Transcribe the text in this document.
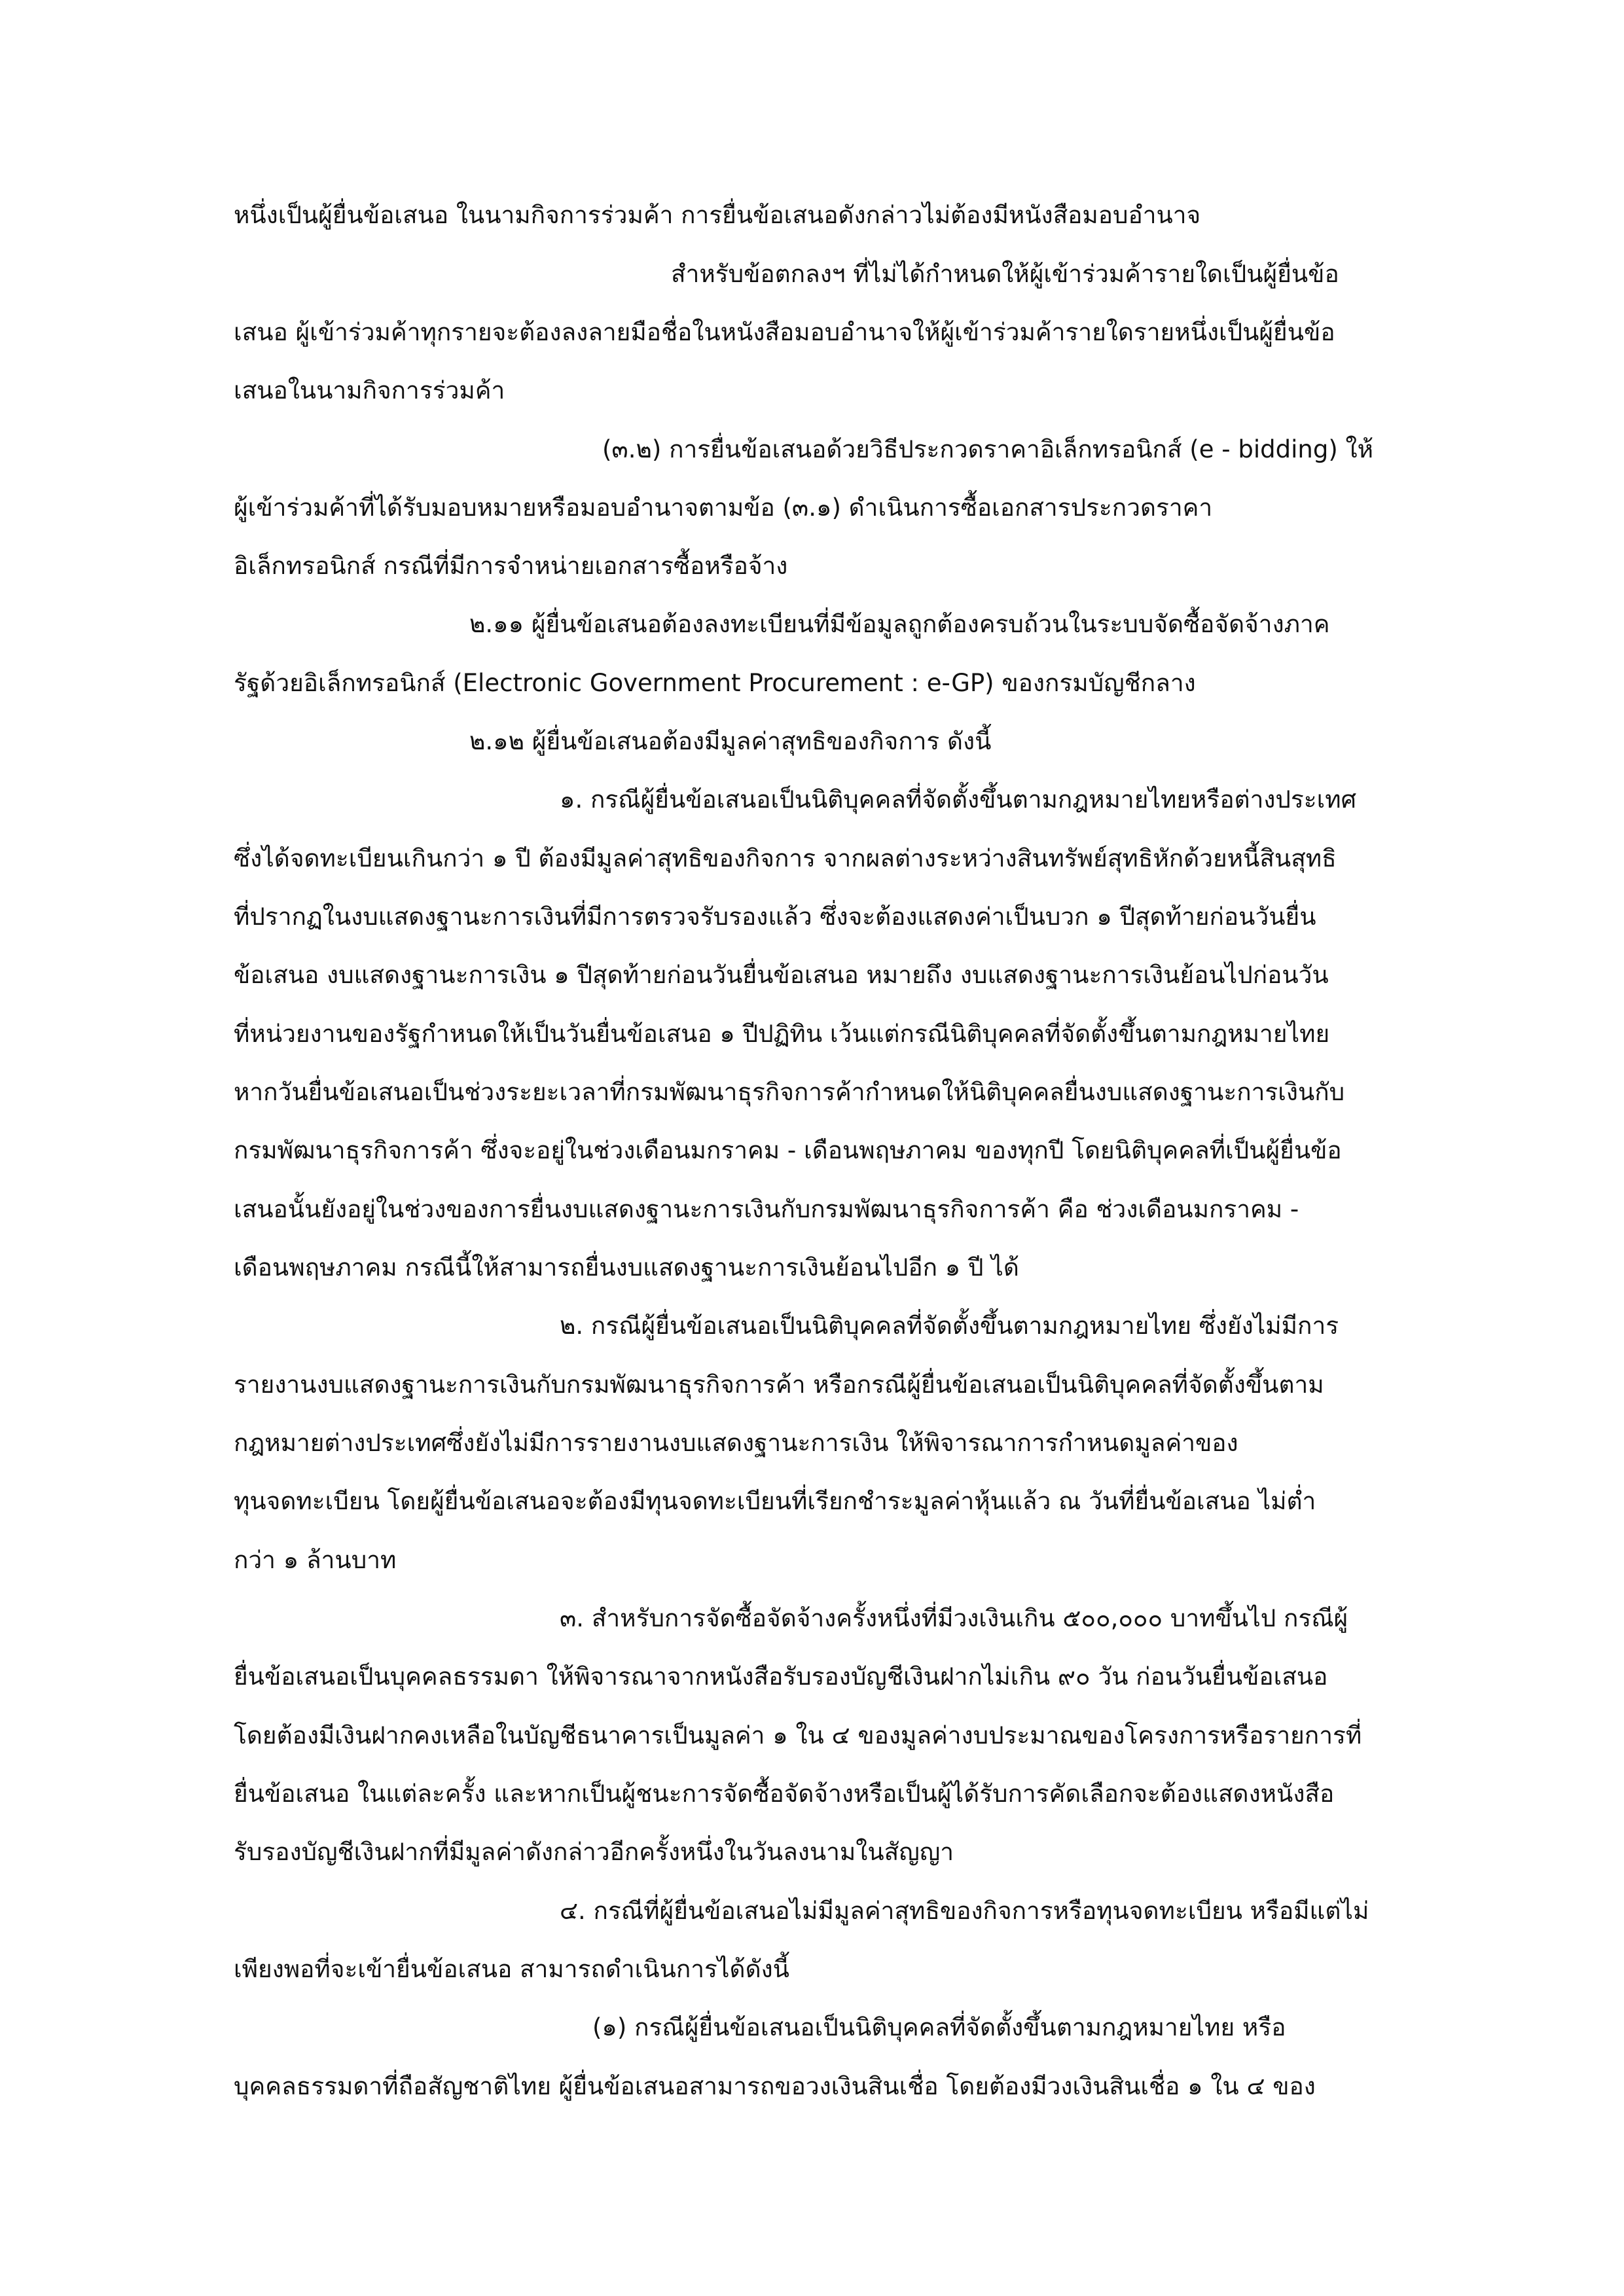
หนึ่งเป็นผู้ยื่นข้อเสนอ ในนามกิจการร่วมค้า การยื่นข้อเสนอดังกล่าวไม่ต้องมีหนังสือมอบอำนาจ
สำหรับข้อตกลงฯ ที่ไม่ได้กำหนดให้ผู้เข้าร่วมค้ารายใดเป็นผู้ยื่นข้อ
เสนอ ผู้เข้าร่วมค้าทุกรายจะต้องลงลายมือชื่อในหนังสือมอบอำนาจให้ผู้เข้าร่วมค้ารายใดรายหนึ่งเป็นผู้ยื่นข้อ
เสนอในนามกิจการร่วมค้า
(๓.๒) การยื่นข้อเสนอด้วยวิธีประกวดราคาอิเล็กทรอนิกส์ (e - bidding) ให้
ผู้เข้าร่วมค้าที่ได้รับมอบหมายหรือมอบอำนาจตามข้อ (๓.๑) ดำเนินการซื้อเอกสารประกวดราคา
อิเล็กทรอนิกส์ กรณีที่มีการจำหน่ายเอกสารซื้อหรือจ้าง
๒.๑๑ ผู้ยื่นข้อเสนอต้องลงทะเบียนที่มีข้อมูลถูกต้องครบถ้วนในระบบจัดซื้อจัดจ้างภาค
รัฐด้วยอิเล็กทรอนิกส์ (Electronic Government Procurement : e-GP) ของกรมบัญชีกลาง
๒.๑๒ ผู้ยื่นข้อเสนอต้องมีมูลค่าสุทธิของกิจการ ดังนี้
๑. กรณีผู้ยื่นข้อเสนอเป็นนิติบุคคลที่จัดตั้งขึ้นตามกฎหมายไทยหรือต่างประเทศ
ซึ่งได้จดทะเบียนเกินกว่า ๑ ปี ต้องมีมูลค่าสุทธิของกิจการ จากผลต่างระหว่างสินทรัพย์สุทธิหักด้วยหนี้สินสุทธิ
ที่ปรากฏในงบแสดงฐานะการเงินที่มีการตรวจรับรองแล้ว ซึ่งจะต้องแสดงค่าเป็นบวก ๑ ปีสุดท้ายก่อนวันยื่น
ข้อเสนอ งบแสดงฐานะการเงิน ๑ ปีสุดท้ายก่อนวันยื่นข้อเสนอ หมายถึง งบแสดงฐานะการเงินย้อนไปก่อนวัน
ที่หน่วยงานของรัฐกำหนดให้เป็นวันยื่นข้อเสนอ ๑ ปีปฏิทิน เว้นแต่กรณีนิติบุคคลที่จัดตั้งขึ้นตามกฎหมายไทย
หากวันยื่นข้อเสนอเป็นช่วงระยะเวลาที่กรมพัฒนาธุรกิจการค้ากำหนดให้นิติบุคคลยื่นงบแสดงฐานะการเงินกับ
กรมพัฒนาธุรกิจการค้า ซึ่งจะอยู่ในช่วงเดือนมกราคม - เดือนพฤษภาคม ของทุกปี โดยนิติบุคคลที่เป็นผู้ยื่นข้อ
เสนอนั้นยังอยู่ในช่วงของการยื่นงบแสดงฐานะการเงินกับกรมพัฒนาธุรกิจการค้า คือ ช่วงเดือนมกราคม -
เดือนพฤษภาคม กรณีนี้ให้สามารถยื่นงบแสดงฐานะการเงินย้อนไปอีก ๑ ปี ได้
๒. กรณีผู้ยื่นข้อเสนอเป็นนิติบุคคลที่จัดตั้งขึ้นตามกฎหมายไทย ซึ่งยังไม่มีการ
รายงานงบแสดงฐานะการเงินกับกรมพัฒนาธุรกิจการค้า หรือกรณีผู้ยื่นข้อเสนอเป็นนิติบุคคลที่จัดตั้งขึ้นตาม
กฎหมายต่างประเทศซึ่งยังไม่มีการรายงานงบแสดงฐานะการเงิน ให้พิจารณาการกำหนดมูลค่าของ
ทุนจดทะเบียน โดยผู้ยื่นข้อเสนอจะต้องมีทุนจดทะเบียนที่เรียกชำระมูลค่าหุ้นแล้ว ณ วันที่ยื่นข้อเสนอ ไม่ต่ำ
กว่า ๑ ล้านบาท
๓. สำหรับการจัดซื้อจัดจ้างครั้งหนึ่งที่มีวงเงินเกิน ๕๐๐,๐๐๐ บาทขึ้นไป กรณีผู้
ยื่นข้อเสนอเป็นบุคคลธรรมดา ให้พิจารณาจากหนังสือรับรองบัญชีเงินฝากไม่เกิน ๙๐ วัน ก่อนวันยื่นข้อเสนอ
โดยต้องมีเงินฝากคงเหลือในบัญชีธนาคารเป็นมูลค่า ๑ ใน ๔ ของมูลค่างบประมาณของโครงการหรือรายการที่
ยื่นข้อเสนอ ในแต่ละครั้ง และหากเป็นผู้ชนะการจัดซื้อจัดจ้างหรือเป็นผู้ได้รับการคัดเลือกจะต้องแสดงหนังสือ
รับรองบัญชีเงินฝากที่มีมูลค่าดังกล่าวอีกครั้งหนึ่งในวันลงนามในสัญญา
๔. กรณีที่ผู้ยื่นข้อเสนอไม่มีมูลค่าสุทธิของกิจการหรือทุนจดทะเบียน หรือมีแต่ไม่
เพียงพอที่จะเข้ายื่นข้อเสนอ สามารถดำเนินการได้ดังนี้
(๑) กรณีผู้ยื่นข้อเสนอเป็นนิติบุคคลที่จัดตั้งขึ้นตามกฎหมายไทย หรือ
บุคคลธรรมดาที่ถือสัญชาติไทย ผู้ยื่นข้อเสนอสามารถขอวงเงินสินเชื่อ โดยต้องมีวงเงินสินเชื่อ ๑ ใน ๔ ของ
